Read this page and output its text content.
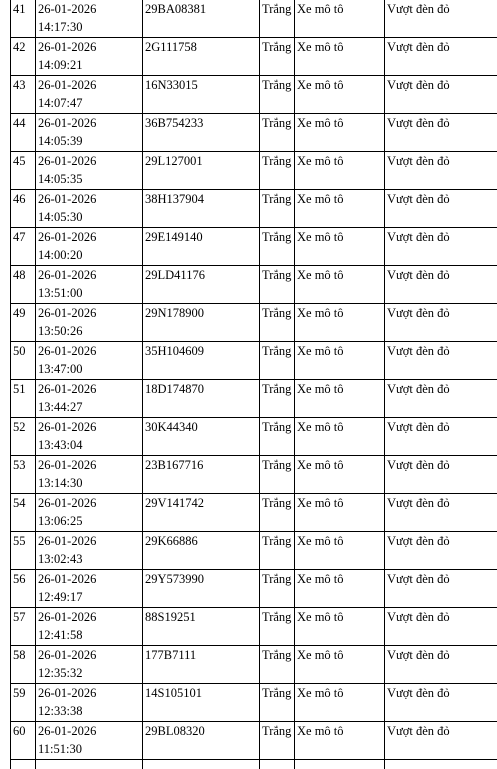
41	26-01-2026
14:17:30	29BA08381	Trắng	Xe mô tô	Vượt đèn đỏ
42	26-01-2026
14:09:21	2G111758	Trắng	Xe mô tô	Vượt đèn đỏ
43	26-01-2026
14:07:47	16N33015	Trắng	Xe mô tô	Vượt đèn đỏ
44	26-01-2026
14:05:39	36B754233	Trắng	Xe mô tô	Vượt đèn đỏ
45	26-01-2026
14:05:35	29L127001	Trắng	Xe mô tô	Vượt đèn đỏ
46	26-01-2026
14:05:30	38H137904	Trắng	Xe mô tô	Vượt đèn đỏ
47	26-01-2026
14:00:20	29E149140	Trắng	Xe mô tô	Vượt đèn đỏ
48	26-01-2026
13:51:00	29LD41176	Trắng	Xe mô tô	Vượt đèn đỏ
49	26-01-2026
13:50:26	29N178900	Trắng	Xe mô tô	Vượt đèn đỏ
50	26-01-2026
13:47:00	35H104609	Trắng	Xe mô tô	Vượt đèn đỏ
51	26-01-2026
13:44:27	18D174870	Trắng	Xe mô tô	Vượt đèn đỏ
52	26-01-2026
13:43:04	30K44340	Trắng	Xe mô tô	Vượt đèn đỏ
53	26-01-2026
13:14:30	23B167716	Trắng	Xe mô tô	Vượt đèn đỏ
54	26-01-2026
13:06:25	29V141742	Trắng	Xe mô tô	Vượt đèn đỏ
55	26-01-2026
13:02:43	29K66886	Trắng	Xe mô tô	Vượt đèn đỏ
56	26-01-2026
12:49:17	29Y573990	Trắng	Xe mô tô	Vượt đèn đỏ
57	26-01-2026
12:41:58	88S19251	Trắng	Xe mô tô	Vượt đèn đỏ
58	26-01-2026
12:35:32	177B7111	Trắng	Xe mô tô	Vượt đèn đỏ
59	26-01-2026
12:33:38	14S105101	Trắng	Xe mô tô	Vượt đèn đỏ
60	26-01-2026
11:51:30	29BL08320	Trắng	Xe mô tô	Vượt đèn đỏ
